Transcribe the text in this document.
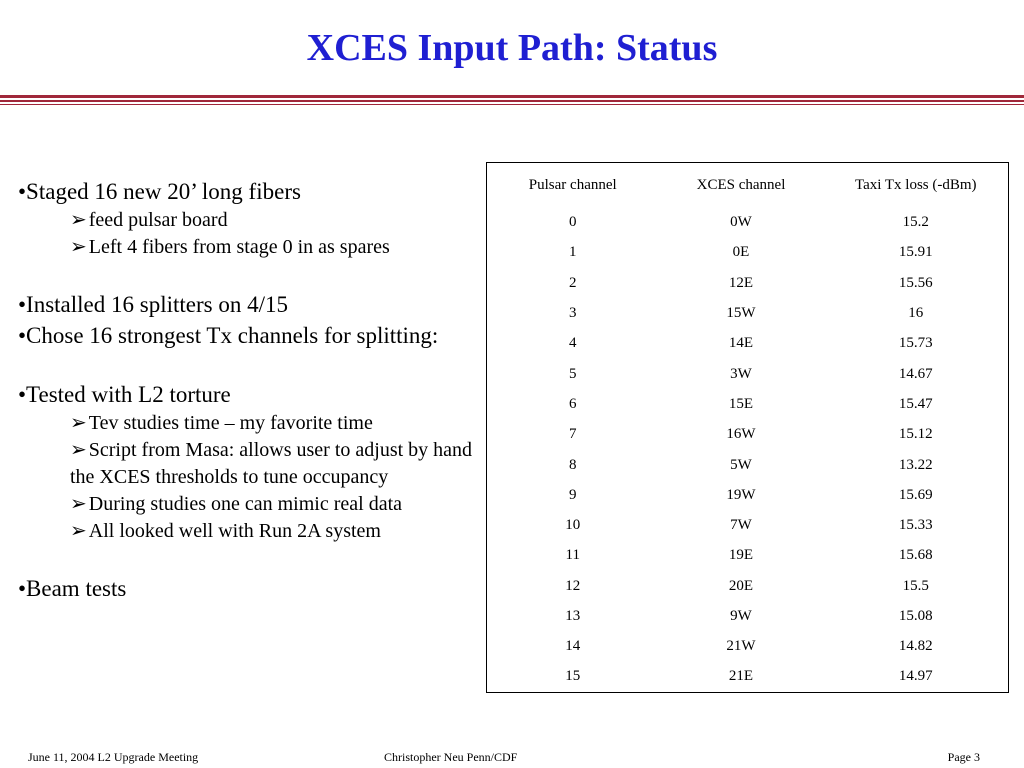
XCES Input Path: Status
•Staged 16 new 20’ long fibers
➢ feed pulsar board
➢ Left 4 fibers from stage 0 in as spares
•Installed 16 splitters on 4/15
•Chose 16 strongest Tx channels for splitting:
•Tested with L2 torture
➢ Tev studies time – my favorite time
➢ Script from Masa: allows user to adjust by hand the XCES thresholds to tune occupancy
➢ During studies one can mimic real data
➢ All looked well with Run 2A system
•Beam tests
Pulsar channel	XCES channel	Taxi Tx loss (-dBm)
0	0W	15.2
1	0E	15.91
2	12E	15.56
3	15W	16
4	14E	15.73
5	3W	14.67
6	15E	15.47
7	16W	15.12
8	5W	13.22
9	19W	15.69
10	7W	15.33
11	19E	15.68
12	20E	15.5
13	9W	15.08
14	21W	14.82
15	21E	14.97
June 11, 2004 L2 Upgrade Meeting	Christopher Neu Penn/CDF	Page 3
